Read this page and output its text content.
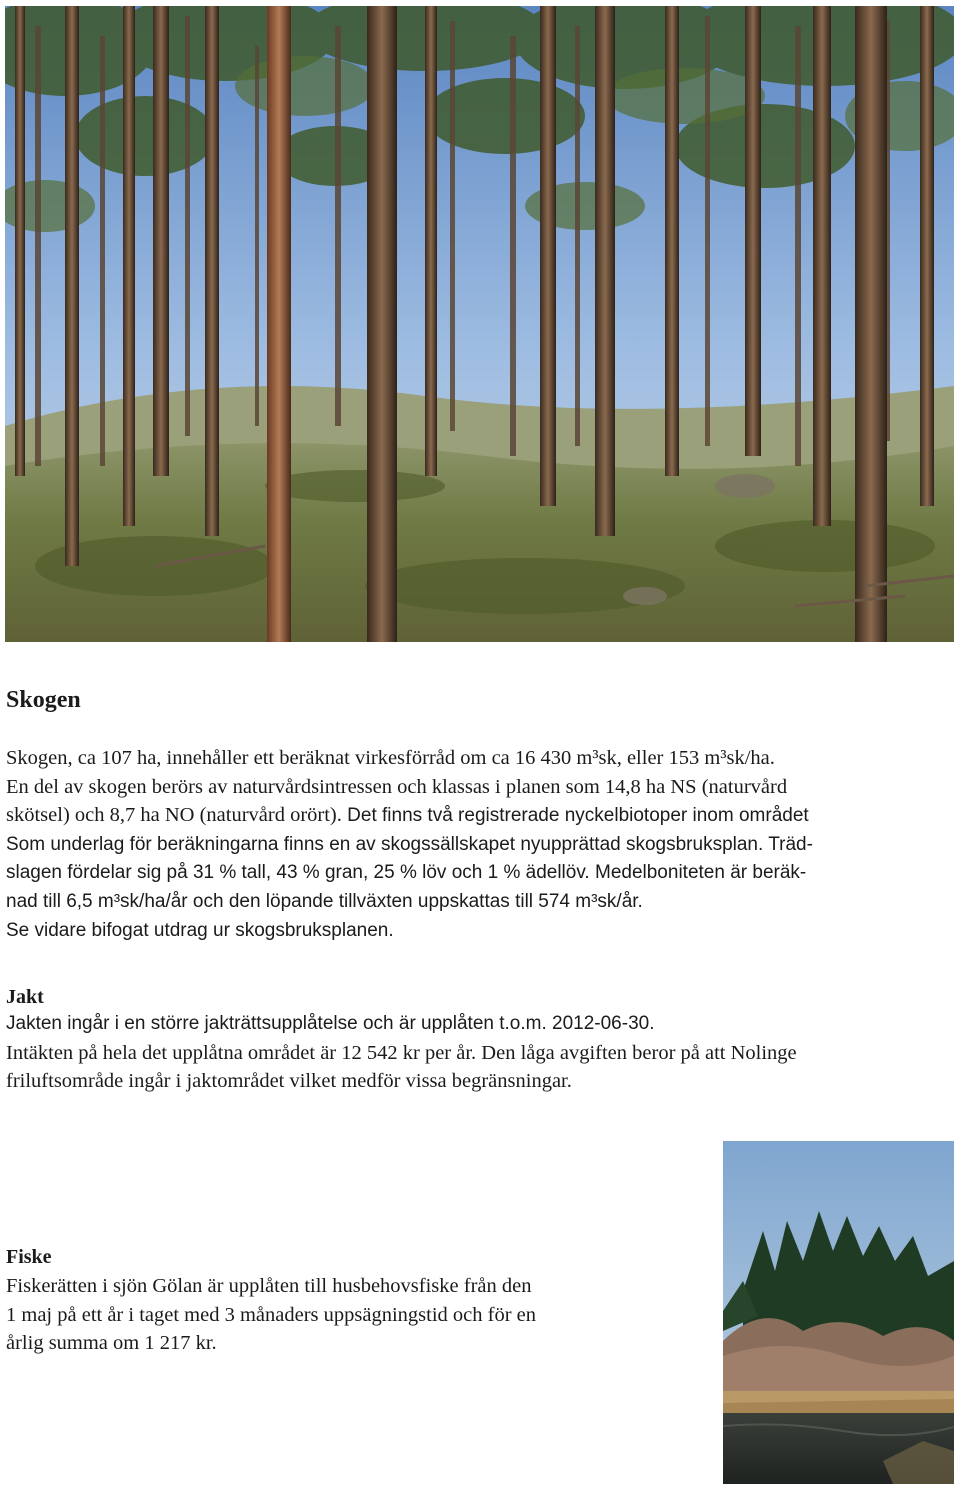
Skogen
Skogen, ca 107 ha, innehåller ett beräknat virkesförråd om ca 16 430 m³sk, eller 153 m³sk/ha.
En del av skogen berörs av naturvårdsintressen och klassas i planen som 14,8 ha NS (naturvård
skötsel) och 8,7 ha NO (naturvård orört). Det finns två registrerade nyckelbiotoper inom området
Som underlag för beräkningarna finns en av skogssällskapet nyupprättad skogsbruksplan. Träd-
slagen fördelar sig på 31 % tall, 43 % gran, 25 % löv och 1 % ädellöv. Medelboniteten är beräk-
nad till 6,5 m³sk/ha/år och den löpande tillväxten uppskattas till 574 m³sk/år.
Se vidare bifogat utdrag ur skogsbruksplanen.
Jakt
Jakten ingår i en större jakträttsupplåtelse och är upplåten t.o.m. 2012-06-30.
Intäkten på hela det upplåtna området är 12 542 kr per år. Den låga avgiften beror på att Nolinge
friluftsområde ingår i jaktområdet vilket medför vissa begränsningar.
Fiske
Fiskerätten i sjön Gölan är upplåten till husbehovsfiske från den
1 maj på ett år i taget med 3 månaders uppsägningstid och för en
årlig summa om 1 217 kr.
